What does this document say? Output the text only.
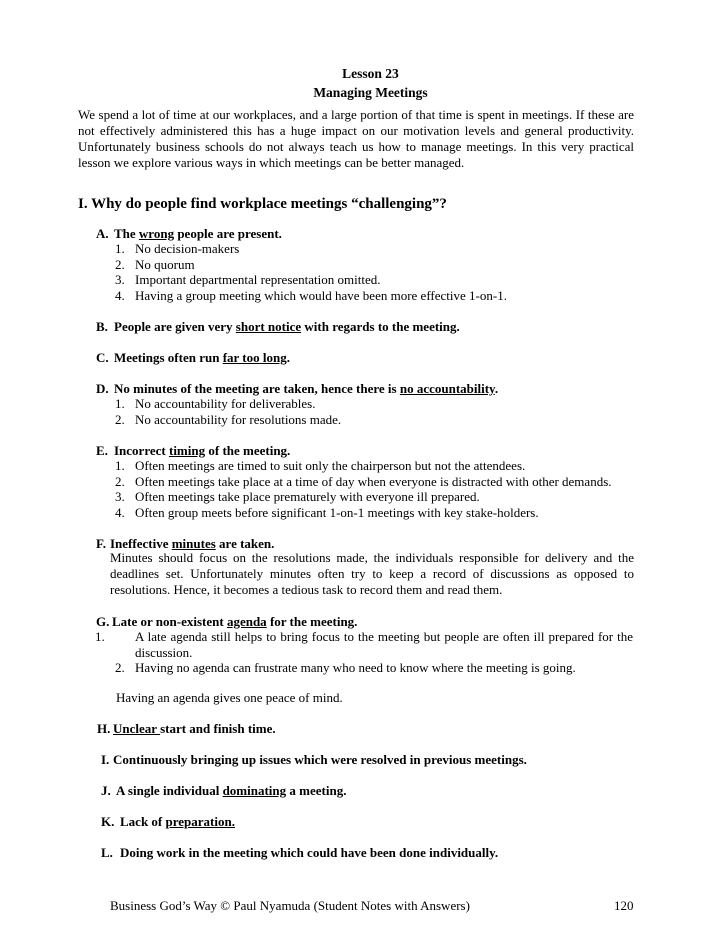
Lesson 23
Managing Meetings
We spend a lot of time at our workplaces, and a large portion of that time is spent in meetings. If these are not effectively administered this has a huge impact on our motivation levels and general productivity. Unfortunately business schools do not always teach us how to manage meetings. In this very practical lesson we explore various ways in which meetings can be better managed.
I. Why do people find workplace meetings “challenging”?
A. The wrong people are present.
1. No decision-makers
2. No quorum
3. Important departmental representation omitted.
4. Having a group meeting which would have been more effective 1-on-1.
B. People are given very short notice with regards to the meeting.
C. Meetings often run far too long.
D. No minutes of the meeting are taken, hence there is no accountability.
1. No accountability for deliverables.
2. No accountability for resolutions made.
E. Incorrect timing of the meeting.
1. Often meetings are timed to suit only the chairperson but not the attendees.
2. Often meetings take place at a time of day when everyone is distracted with other demands.
3. Often meetings take place prematurely with everyone ill prepared.
4. Often group meets before significant 1-on-1 meetings with key stake-holders.
F. Ineffective minutes are taken.
Minutes should focus on the resolutions made, the individuals responsible for delivery and the deadlines set. Unfortunately minutes often try to keep a record of discussions as opposed to resolutions. Hence, it becomes a tedious task to record them and read them.
G. Late or non-existent agenda for the meeting.
1. A late agenda still helps to bring focus to the meeting but people are often ill prepared for the discussion.
2. Having no agenda can frustrate many who need to know where the meeting is going.
Having an agenda gives one peace of mind.
H. Unclear start and finish time.
I. Continuously bringing up issues which were resolved in previous meetings.
J. A single individual dominating a meeting.
K. Lack of preparation.
L. Doing work in the meeting which could have been done individually.
Business God’s Way © Paul Nyamuda (Student Notes with Answers)	120
